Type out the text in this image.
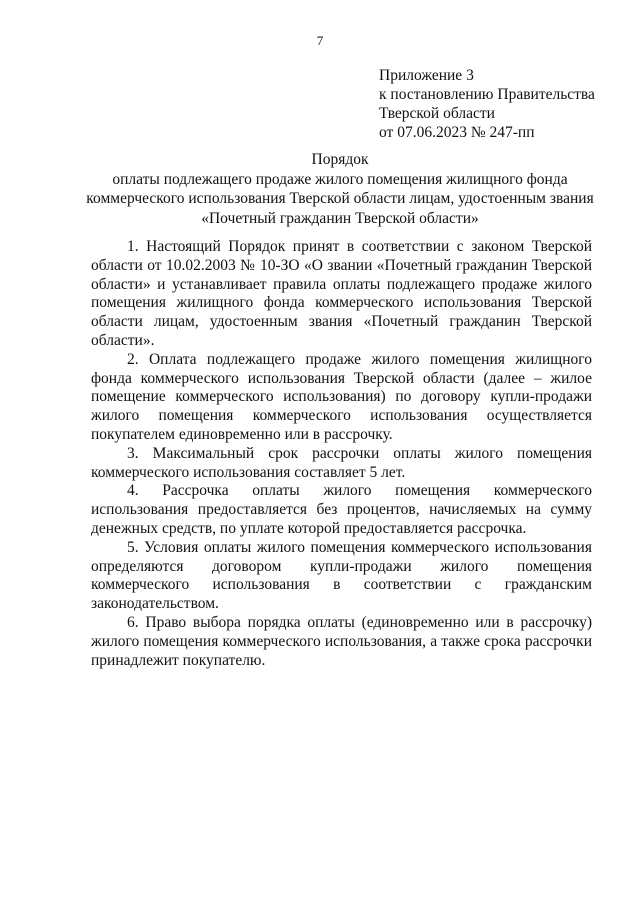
7
Приложение 3
к постановлению Правительства
Тверской области
от 07.06.2023 № 247-пп
Порядок
оплаты подлежащего продаже жилого помещения жилищного фонда
коммерческого использования Тверской области лицам, удостоенным звания
«Почетный гражданин Тверской области»

1. Настоящий Порядок принят в соответствии с законом Тверской области от 10.02.2003 № 10-ЗО «О звании «Почетный гражданин Тверской области» и устанавливает правила оплаты подлежащего продаже жилого помещения жилищного фонда коммерческого использования Тверской области лицам, удостоенным звания «Почетный гражданин Тверской области».

2. Оплата подлежащего продаже жилого помещения жилищного фонда коммерческого использования Тверской области (далее – жилое помещение коммерческого использования) по договору купли-продажи жилого помещения коммерческого использования осуществляется покупателем единовременно или в рассрочку.

3. Максимальный срок рассрочки оплаты жилого помещения коммерческого использования составляет 5 лет.

4. Рассрочка оплаты жилого помещения коммерческого использования предоставляется без процентов, начисляемых на сумму денежных средств, по уплате которой предоставляется рассрочка.

5. Условия оплаты жилого помещения коммерческого использования определяются договором купли-продажи жилого помещения коммерческого использования в соответствии с гражданским законодательством.

6. Право выбора порядка оплаты (единовременно или в рассрочку) жилого помещения коммерческого использования, а также срока рассрочки принадлежит покупателю.
